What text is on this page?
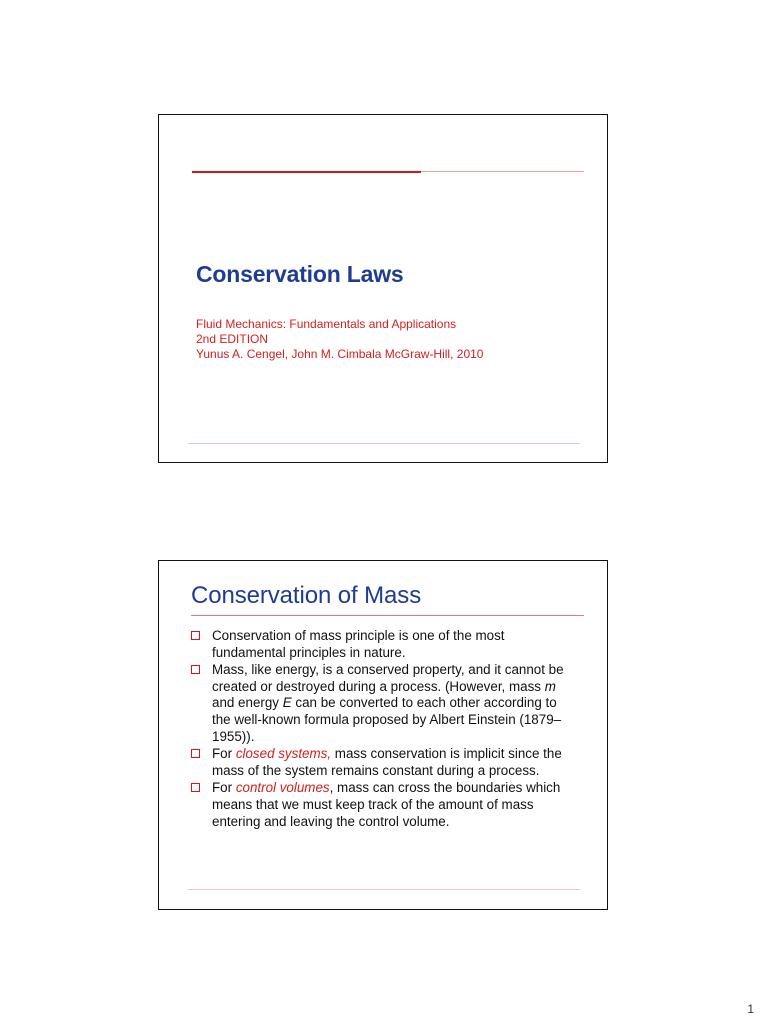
Conservation Laws

Fluid Mechanics: Fundamentals and Applications

2nd EDITION

Yunus A. Cengel, John M. Cimbala McGraw-Hill, 2010

Conservation of Mass
Conservation of mass principle is one of the most fundamental principles in nature.
Mass, like energy, is a conserved property, and it cannot be created or destroyed during a process. (However, mass m and energy E can be converted to each other according to the well-known formula proposed by Albert Einstein (1879–1955)).
For closed systems, mass conservation is implicit since the mass of the system remains constant during a process.
For control volumes, mass can cross the boundaries which means that we must keep track of the amount of mass entering and leaving the control volume.
1
